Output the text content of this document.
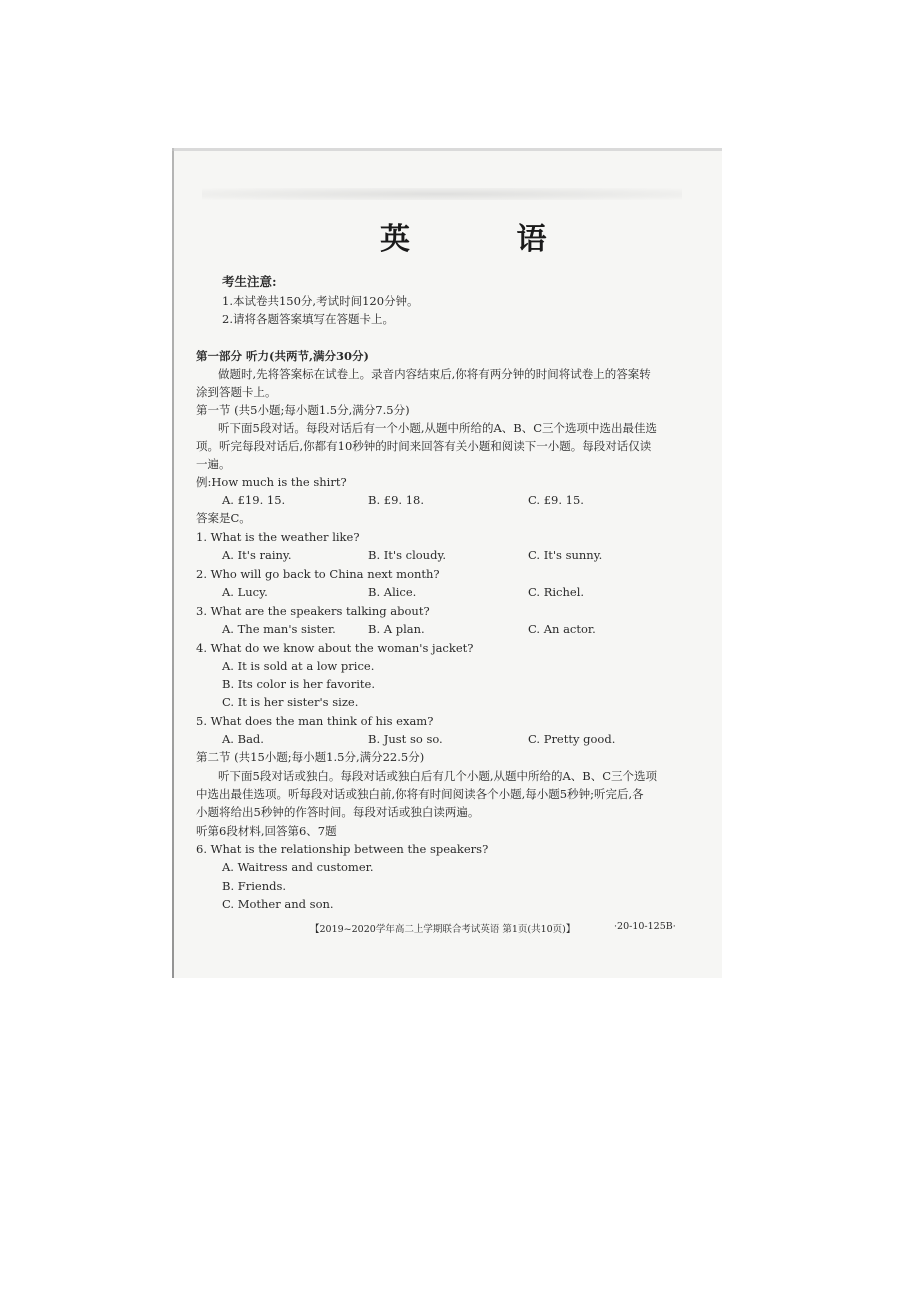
英 语
考生注意:
1.本试卷共150分,考试时间120分钟。
2.请将各题答案填写在答题卡上。
第一部分 听力(共两节,满分30分)
做题时,先将答案标在试卷上。录音内容结束后,你将有两分钟的时间将试卷上的答案转
涂到答题卡上。
第一节 (共5小题;每小题1.5分,满分7.5分)
听下面5段对话。每段对话后有一个小题,从题中所给的A、B、C三个选项中选出最佳选
项。听完每段对话后,你都有10秒钟的时间来回答有关小题和阅读下一小题。每段对话仅读
一遍。
例:How much is the shirt?
A. £19. 15.	B. £9. 18.	C. £9. 15.
答案是C。
1. What is the weather like?
A. It's rainy.	B. It's cloudy.	C. It's sunny.
2. Who will go back to China next month?
A. Lucy.	B. Alice.	C. Richel.
3. What are the speakers talking about?
A. The man's sister.	B. A plan.	C. An actor.
4. What do we know about the woman's jacket?
A. It is sold at a low price.
B. Its color is her favorite.
C. It is her sister's size.
5. What does the man think of his exam?
A. Bad.	B. Just so so.	C. Pretty good.
第二节 (共15小题;每小题1.5分,满分22.5分)
听下面5段对话或独白。每段对话或独白后有几个小题,从题中所给的A、B、C三个选项
中选出最佳选项。听每段对话或独白前,你将有时间阅读各个小题,每小题5秒钟;听完后,各
小题将给出5秒钟的作答时间。每段对话或独白读两遍。
听第6段材料,回答第6、7题
6. What is the relationship between the speakers?
A. Waitress and customer.
B. Friends.
C. Mother and son.
【2019~2020学年高二上学期联合考试英语 第1页(共10页)】	·20-10-125B·
